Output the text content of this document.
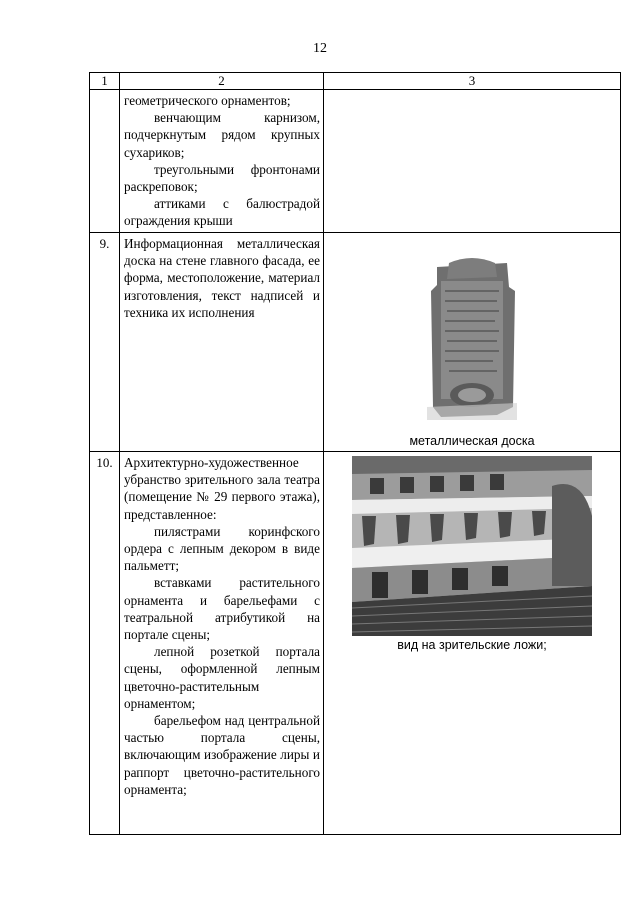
12
1	2	3

	геометрического орнаментов;

венчающим карнизом, подчеркнутым рядом крупных сухариков;

треугольными фронтонами раскреповок;

аттиками с балюстрадой ограждения крыши	

9.	Информационная металлическая доска на стене главного фасада, ее форма, местоположение, материал изготовления, текст надписей и техника их исполнения	металлическая доска

10.	Архитектурно-художественное убранство зрительного зала театра (помещение № 29 первого этажа), представленное:

пилястрами коринфского ордера с лепным декором в виде пальметт;

вставками растительного орнамента и барельефами с театральной атрибутикой на портале сцены;

лепной розеткой портала сцены, оформленной лепным цветочно-растительным орнаментом;

барельефом над центральной частью портала сцены, включающим изображение лиры и раппорт цветочно-растительного орнамента;	вид на зрительские ложи;
